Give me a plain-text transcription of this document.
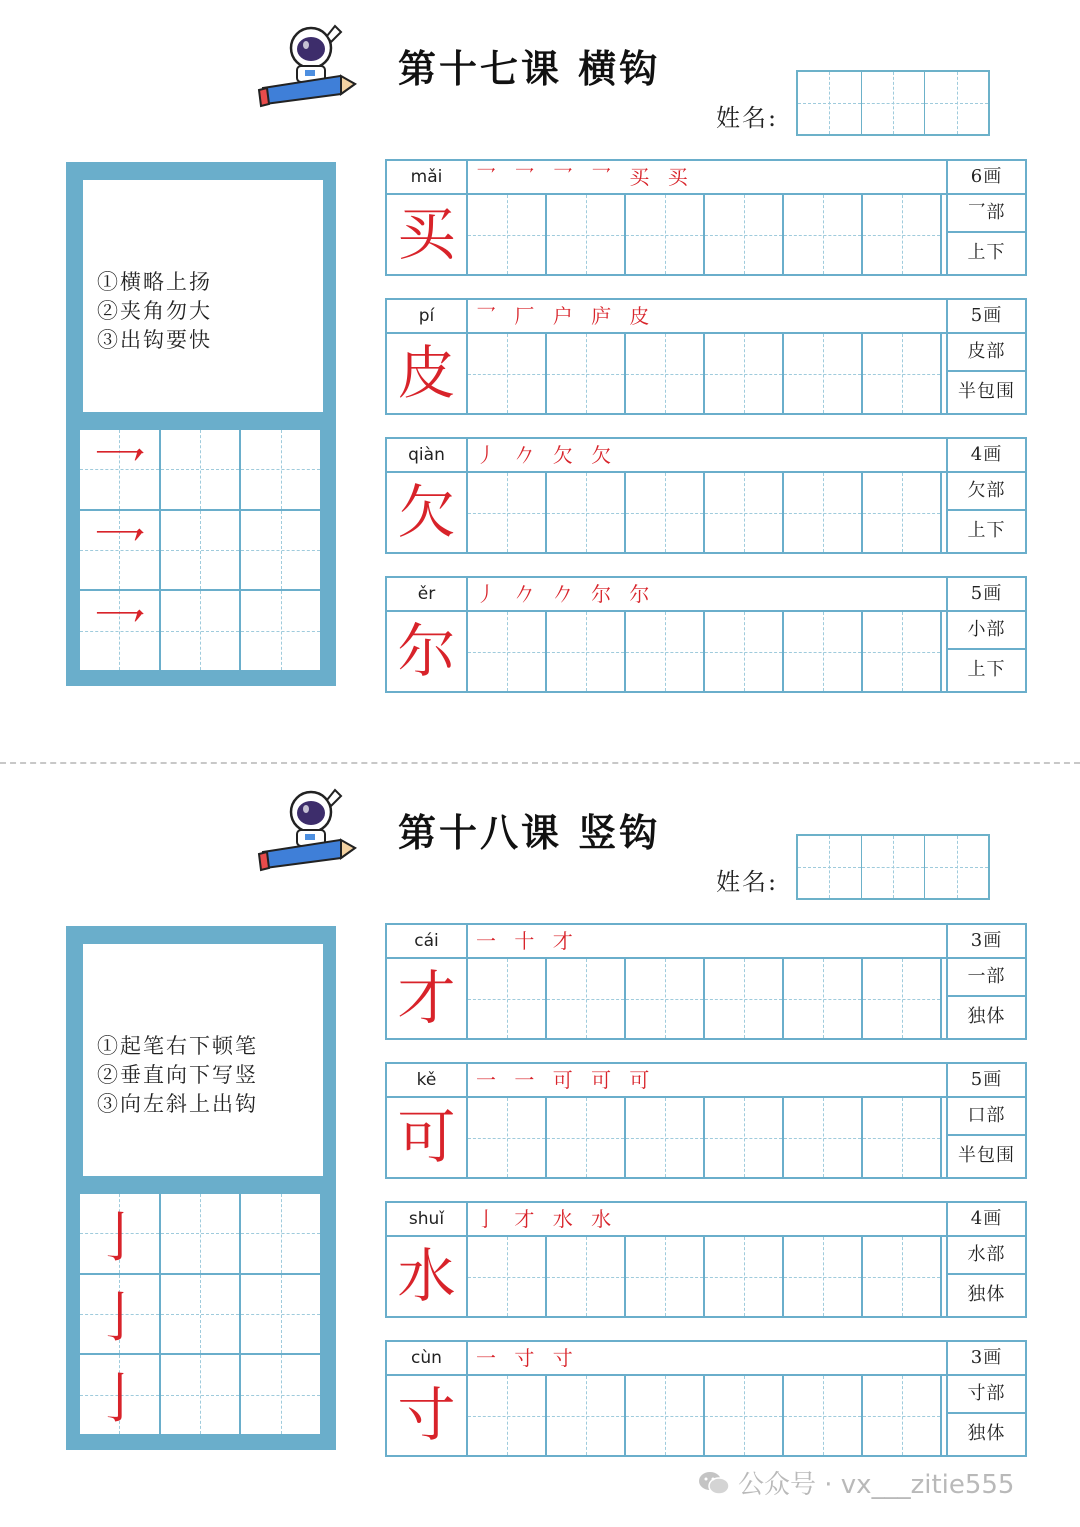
第十七课 横钩
姓名:
①横略上扬
②夹角勿大
③出钩要快
乛
乛
乛
mǎi	乛 乛 乛 乛 买 买
买
6画
乛部
上下
pí	乛 厂 户 庐 皮
皮
5画
皮部
半包围
qiàn	丿 𠂊 欠 欠
欠
4画
欠部
上下
ěr	丿 𠂊 𠂊 尔 尔
尔
5画
小部
上下
第十八课 竖钩
姓名:
①起笔右下顿笔
②垂直向下写竖
③向左斜上出钩
亅
亅
亅
cái	一 十 才
才
3画
一部
独体
kě	一 一 可 可 可
可
5画
口部
半包围
shuǐ	亅 才 水 水
水
4画
水部
独体
cùn	一 寸 寸
寸
3画
寸部
独体
公众号 · vx___zitie555
